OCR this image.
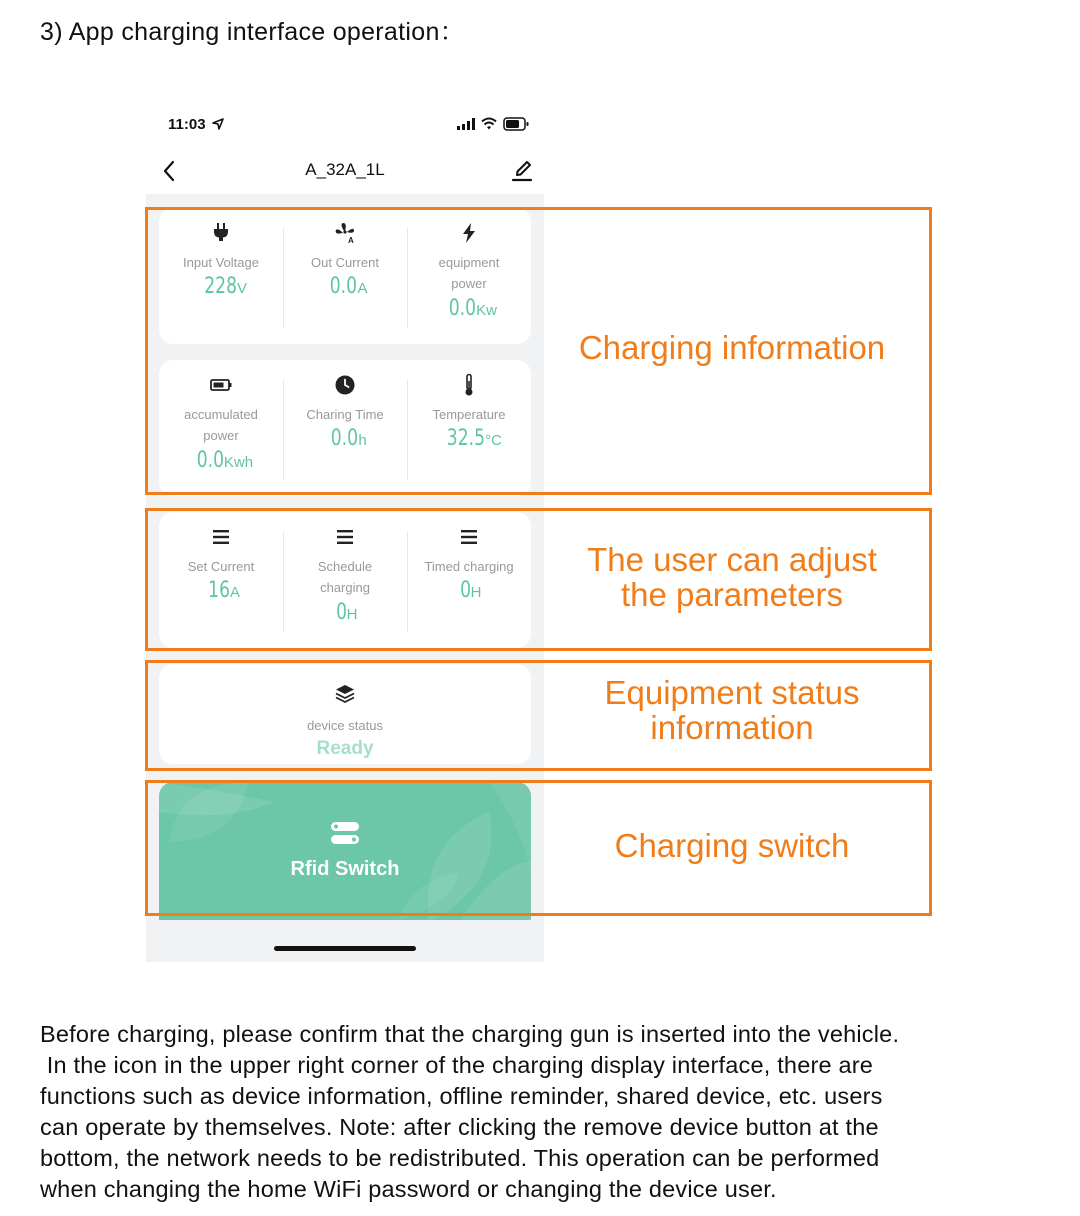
3) App charging interface operation：
11:03
A_32A_1L
Input Voltage
228V
A
Out Current
0.0A
equipment power
0.0Kw
accumulated power
0.0Kwh
Charing Time
0.0h
Temperature
32.5°C
Set Current
16A
Schedule charging
0H
Timed charging
0H
device status
Ready
Rfid Switch
Charging information
The user can adjust
the parameters
Equipment status
information
Charging switch
Before charging, please confirm that the charging gun is inserted into the vehicle.
In the icon in the upper right corner of the charging display interface, there are
functions such as device information, offline reminder, shared device, etc. users
can operate by themselves. Note: after clicking the remove device button at the
bottom, the network needs to be redistributed. This operation can be performed
when changing the home WiFi password or changing the device user.
